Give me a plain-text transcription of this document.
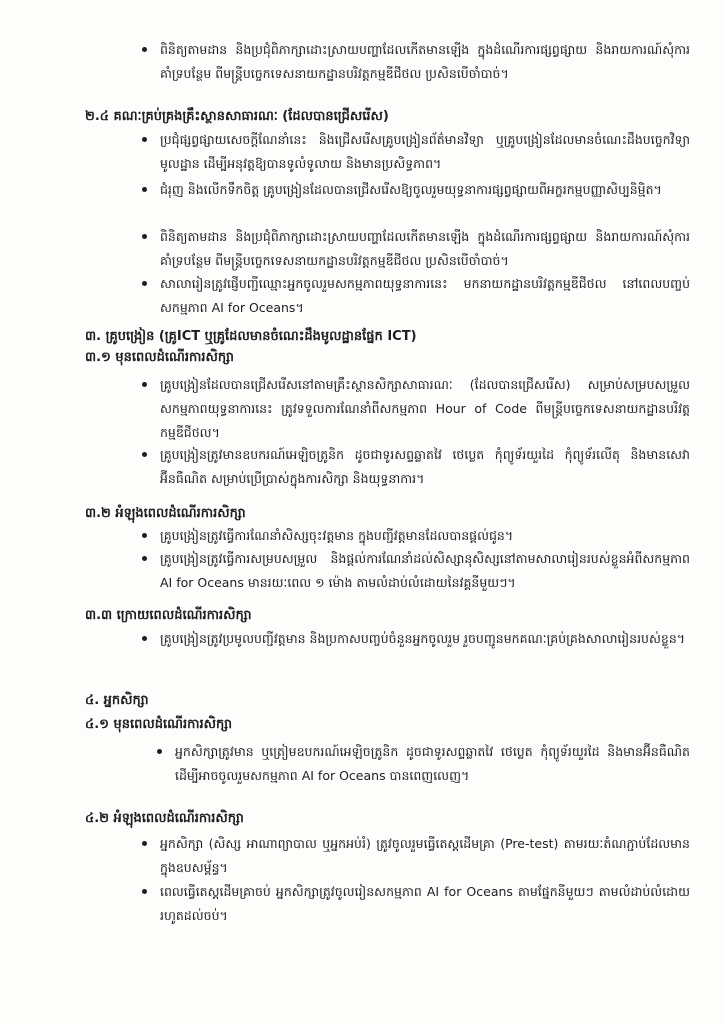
ពិនិត្យតាមដាន និងប្រជុំពិភាក្សាដោះស្រាយបញ្ហាដែលកើតមានឡើង ក្នុងដំណើរការផ្សព្វផ្សាយ និងរាយការណ៍សុំការគាំទ្របន្ថែម ពីមន្ត្រីបច្ចេកទេសនាយកដ្ឋានបរិវត្តកម្មឌីជីថល ប្រសិនបើចាំបាច់។
២.៤ គណៈគ្រប់គ្រងគ្រឹះស្ថានសាធារណៈ (ដែលបានជ្រើសរើស)
ប្រជុំផ្សព្វផ្សាយសេចក្តីណែនាំនេះ និងជ្រើសរើសគ្រូបង្រៀនព័ត៌មានវិទ្យា ឬគ្រូបង្រៀនដែលមានចំណេះដឹងបច្ចេកវិទ្យាមូលដ្ឋាន ដើម្បីអនុវត្តឱ្យបានទូលំទូលាយ និងមានប្រសិទ្ធភាព។
ជំរុញ និងលើកទឹកចិត្ត គ្រូបង្រៀនដែលបានជ្រើសរើសឱ្យចូលរួមយុទ្ធនាការផ្សព្វផ្សាយពីអក្ខរកម្មបញ្ញាសិប្បនិម្មិត។
ពិនិត្យតាមដាន និងប្រជុំពិភាក្សាដោះស្រាយបញ្ហាដែលកើតមានឡើង ក្នុងដំណើរការផ្សព្វផ្សាយ និងរាយការណ៍សុំការគាំទ្របន្ថែម ពីមន្ត្រីបច្ចេកទេសនាយកដ្ឋានបរិវត្តកម្មឌីជីថល ប្រសិនបើចាំបាច់។
សាលារៀនត្រូវផ្ញើបញ្ជីឈ្មោះអ្នកចូលរួមសកម្មភាពយុទ្ធនាការនេះ មកនាយកដ្ឋានបរិវត្តកម្មឌីជីថល នៅពេលបញ្ចប់សកម្មភាព AI for Oceans។
៣. គ្រូបង្រៀន (គ្រូICT ឬគ្រូដែលមានចំណេះដឹងមូលដ្ឋានផ្នែក ICT)
៣.១ មុនពេលដំណើរការសិក្សា
គ្រូបង្រៀនដែលបានជ្រើសរើសនៅតាមគ្រឹះស្ថានសិក្សាសាធារណៈ (ដែលបានជ្រើសរើស) សម្រាប់សម្របសម្រួលសកម្មភាពយុទ្ធនាការនេះ ត្រូវទទួលការណែនាំពីសកម្មភាព Hour of Code ពីមន្ត្រីបច្ចេកទេសនាយកដ្ឋានបរិវត្តកម្មឌីជីថល។
គ្រូបង្រៀនត្រូវមានឧបករណ៍អេឡិចត្រូនិក ដូចជាទូរសព្ទឆ្លាតវៃ ថេប្លេត កុំព្យូទ័រយួរដៃ កុំព្យូទ័រលើតុ និងមានសេវាអ៊ីនធឺណិត សម្រាប់ប្រើប្រាស់ក្នុងការសិក្សា និងយុទ្ធនាការ។
៣.២ អំឡុងពេលដំណើរការសិក្សា
គ្រូបង្រៀនត្រូវធ្វើការណែនាំសិស្សចុះវត្តមាន ក្នុងបញ្ជីវត្តមានដែលបានផ្តល់ជូន។
គ្រូបង្រៀនត្រូវធ្វើការសម្របសម្រួល និងផ្តល់ការណែនាំដល់សិស្សានុសិស្សនៅតាមសាលារៀនរបស់ខ្លួនអំពីសកម្មភាព AI for Oceans មានរយៈពេល ១ ម៉ោង តាមលំដាប់លំដោយនៃវគ្គនីមួយៗ។
៣.៣ ក្រោយពេលដំណើរការសិក្សា
គ្រូបង្រៀនត្រូវប្រមូលបញ្ជីវត្តមាន និងប្រកាសបញ្ចប់ចំនួនអ្នកចូលរួម រួចបញ្ជូនមកគណៈគ្រប់គ្រងសាលារៀនរបស់ខ្លួន។
៤. អ្នកសិក្សា
៤.១ មុនពេលដំណើរការសិក្សា
អ្នកសិក្សាត្រូវមាន ឬត្រៀមឧបករណ៍អេឡិចត្រូនិក ដូចជាទូរសព្ទឆ្លាតវៃ ថេប្លេត កុំព្យូទ័រយួរដៃ និងមានអ៊ីនធឺណិត ដើម្បីអាចចូលរួមសកម្មភាព AI for Oceans បានពេញលេញ។
៤.២ អំឡុងពេលដំណើរការសិក្សា
អ្នកសិក្សា (សិស្ស អាណាព្យាបាល ឬអ្នកអប់រំ) ត្រូវចូលរួមធ្វើតេស្តដើមគ្រា (Pre-test) តាមរយៈតំណភ្ជាប់ដែលមានក្នុងឧបសម្ព័ន្ធ។
ពេលធ្វើតេស្តដើមគ្រាចប់ អ្នកសិក្សាត្រូវចូលរៀនសកម្មភាព AI for Oceans តាមផ្នែកនីមួយៗ តាមលំដាប់លំដោយរហូតដល់ចប់។
